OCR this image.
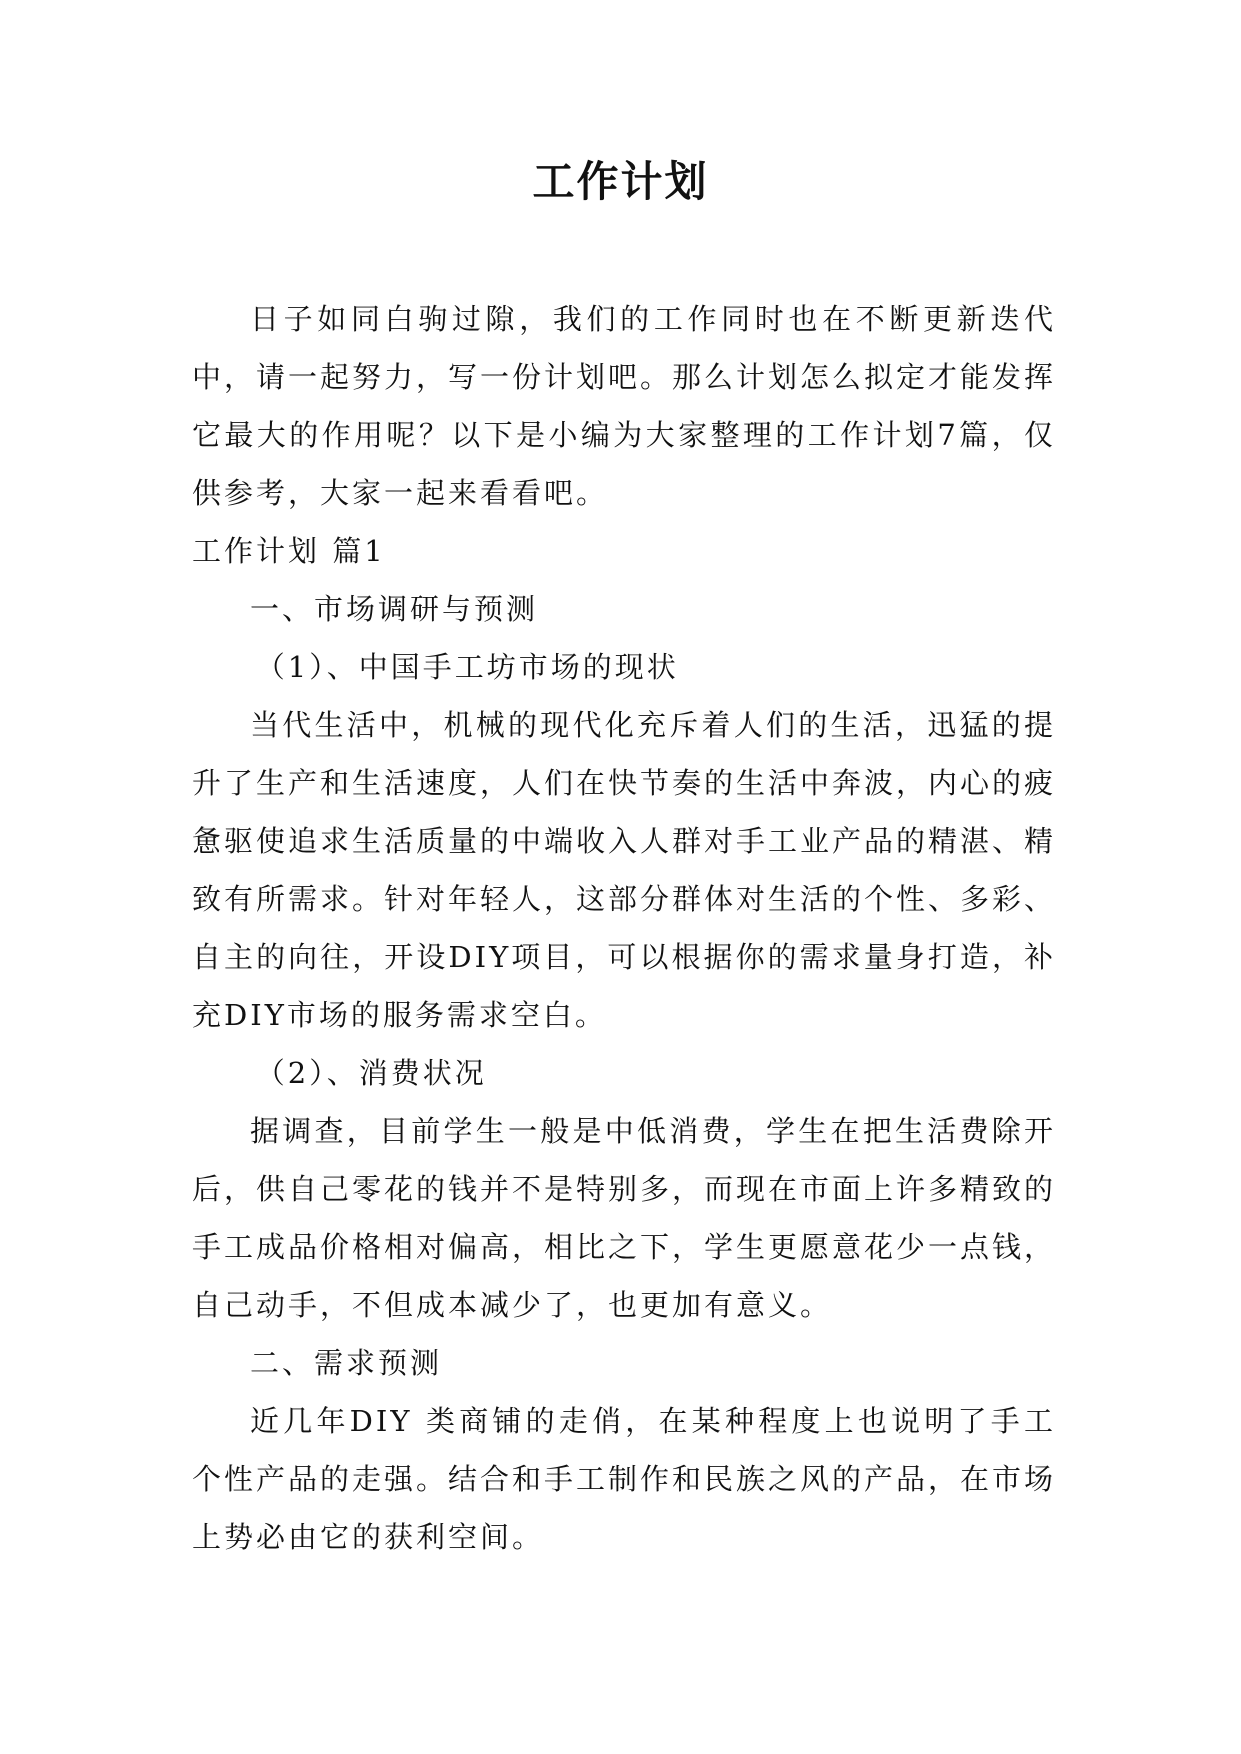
工作计划

日子如同白驹过隙，我们的工作同时也在不断更新迭代中，请一起努力，写一份计划吧。那么计划怎么拟定才能发挥它最大的作用呢？以下是小编为大家整理的工作计划7篇，仅供参考，大家一起来看看吧。

工作计划 篇1

一、市场调研与预测

（1）、中国手工坊市场的现状

当代生活中，机械的现代化充斥着人们的生活，迅猛的提升了生产和生活速度，人们在快节奏的生活中奔波，内心的疲惫驱使追求生活质量的中端收入人群对手工业产品的精湛、精致有所需求。针对年轻人，这部分群体对生活的个性、多彩、自主的向往，开设DIY项目，可以根据你的需求量身打造，补充DIY市场的服务需求空白。

（2）、消费状况

据调查，目前学生一般是中低消费，学生在把生活费除开后，供自己零花的钱并不是特别多，而现在市面上许多精致的手工成品价格相对偏高，相比之下，学生更愿意花少一点钱，自己动手，不但成本减少了，也更加有意义。

二、需求预测

近几年DIY 类商铺的走俏，在某种程度上也说明了手工个性产品的走强。结合和手工制作和民族之风的产品，在市场上势必由它的获利空间。
